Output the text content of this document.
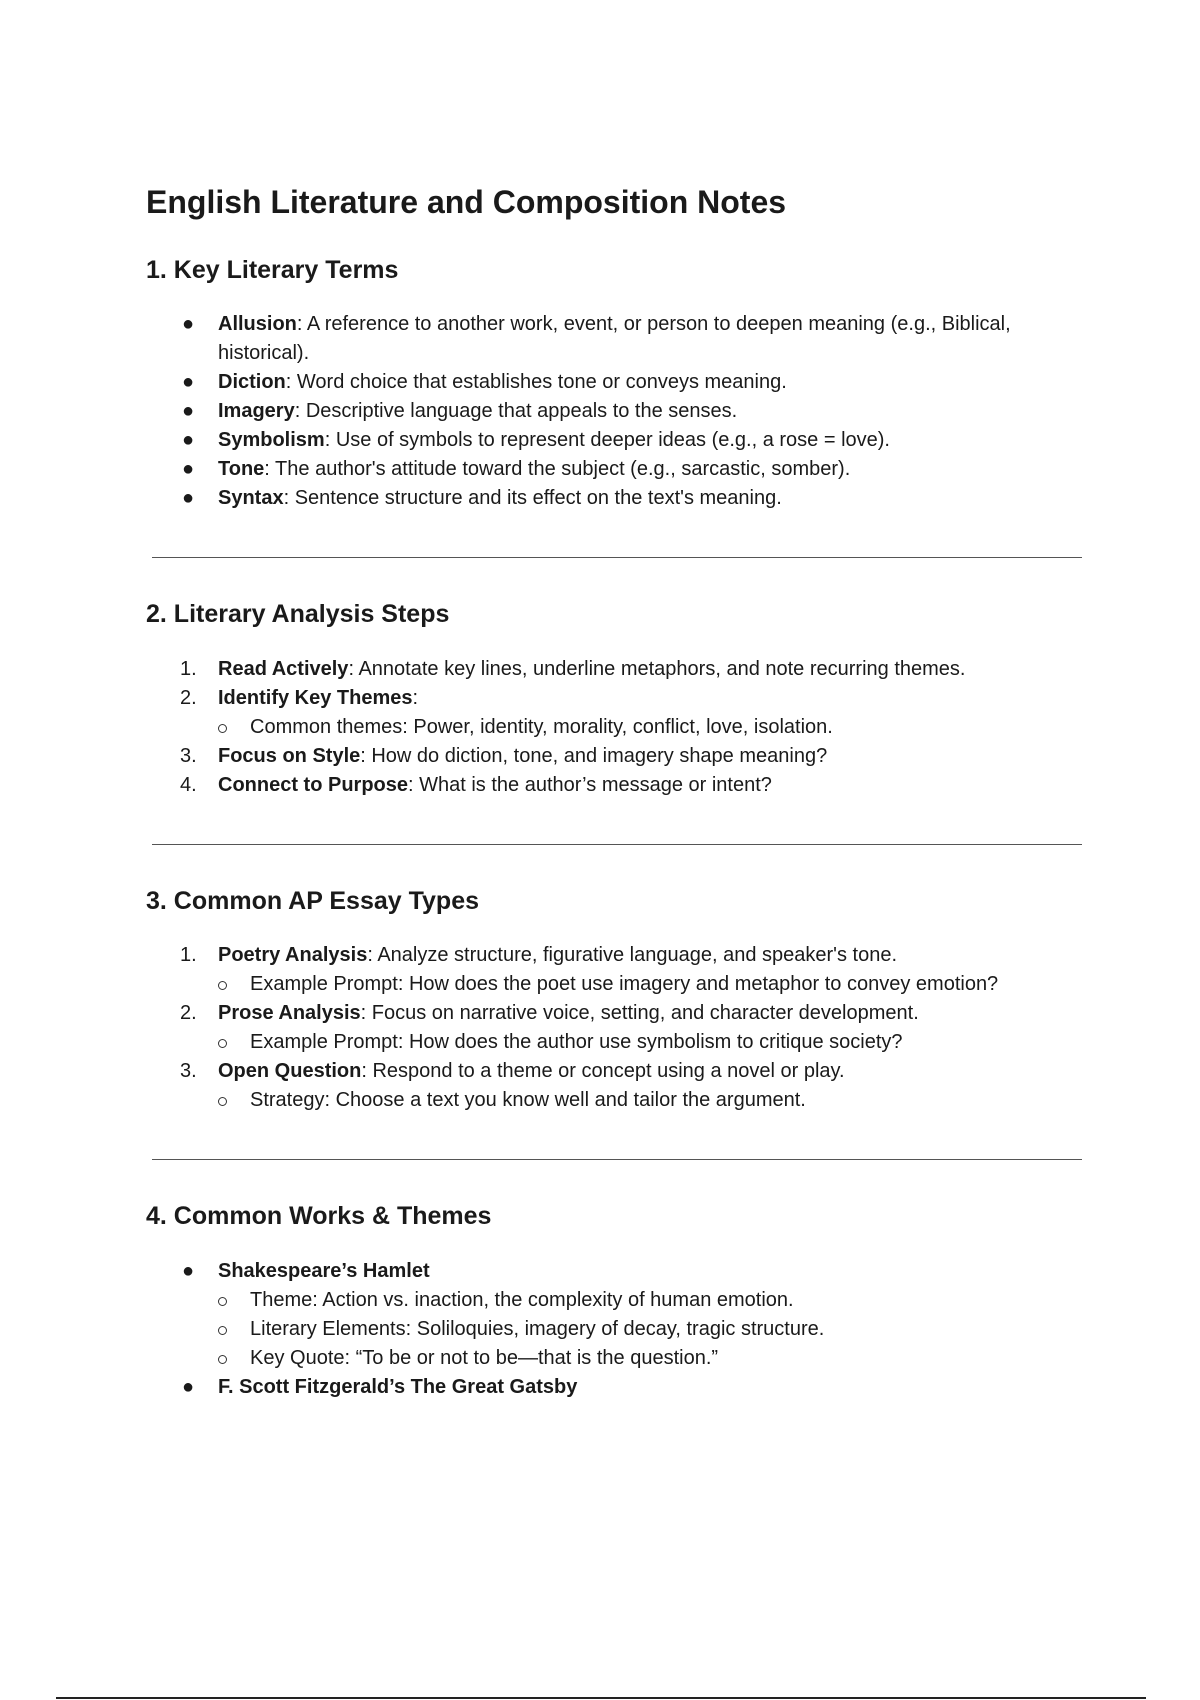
English Literature and Composition Notes
1. Key Literary Terms
●	Allusion: A reference to another work, event, or person to deepen meaning (e.g., Biblical, historical).
●	Diction: Word choice that establishes tone or conveys meaning.
●	Imagery: Descriptive language that appeals to the senses.
●	Symbolism: Use of symbols to represent deeper ideas (e.g., a rose = love).
●	Tone: The author's attitude toward the subject (e.g., sarcastic, somber).
●	Syntax: Sentence structure and its effect on the text's meaning.
2. Literary Analysis Steps
1.	Read Actively: Annotate key lines, underline metaphors, and note recurring themes.
2.	Identify Key Themes:
Common themes: Power, identity, morality, conflict, love, isolation.
3.	Focus on Style: How do diction, tone, and imagery shape meaning?
4.	Connect to Purpose: What is the author’s message or intent?
3. Common AP Essay Types
1.	Poetry Analysis: Analyze structure, figurative language, and speaker's tone.
Example Prompt: How does the poet use imagery and metaphor to convey emotion?
2.	Prose Analysis: Focus on narrative voice, setting, and character development.
Example Prompt: How does the author use symbolism to critique society?
3.	Open Question: Respond to a theme or concept using a novel or play.
Strategy: Choose a text you know well and tailor the argument.
4. Common Works & Themes
●	Shakespeare’s Hamlet
Theme: Action vs. inaction, the complexity of human emotion.
Literary Elements: Soliloquies, imagery of decay, tragic structure.
Key Quote: “To be or not to be—that is the question.”
●	F. Scott Fitzgerald’s The Great Gatsby
